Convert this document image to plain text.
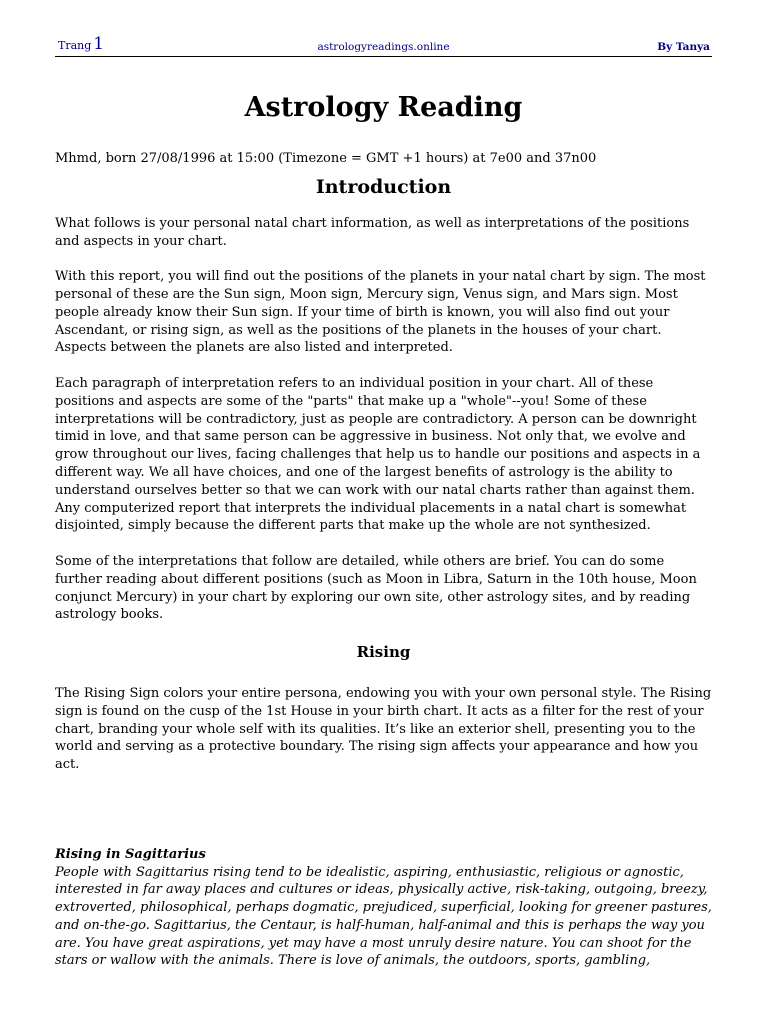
Trang 1	astrologyreadings.online	By Tanya
Astrology Reading

Mhmd, born 27/08/1996 at 15:00 (Timezone = GMT +1 hours) at 7e00 and 37n00

Introduction

What follows is your personal natal chart information, as well as interpretations of the positions and aspects in your chart.

With this report, you will find out the positions of the planets in your natal chart by sign. The most personal of these are the Sun sign, Moon sign, Mercury sign, Venus sign, and Mars sign. Most people already know their Sun sign. If your time of birth is known, you will also find out your Ascendant, or rising sign, as well as the positions of the planets in the houses of your chart. Aspects between the planets are also listed and interpreted.

Each paragraph of interpretation refers to an individual position in your chart. All of these positions and aspects are some of the "parts" that make up a "whole"--you! Some of these interpretations will be contradictory, just as people are contradictory. A person can be downright timid in love, and that same person can be aggressive in business. Not only that, we evolve and grow throughout our lives, facing challenges that help us to handle our positions and aspects in a different way. We all have choices, and one of the largest benefits of astrology is the ability to understand ourselves better so that we can work with our natal charts rather than against them. Any computerized report that interprets the individual placements in a natal chart is somewhat disjointed, simply because the different parts that make up the whole are not synthesized.

Some of the interpretations that follow are detailed, while others are brief. You can do some further reading about different positions (such as Moon in Libra, Saturn in the 10th house, Moon conjunct Mercury) in your chart by exploring our own site, other astrology sites, and by reading astrology books.

Rising

The Rising Sign colors your entire persona, endowing you with your own personal style. The Rising sign is found on the cusp of the 1st House in your birth chart. It acts as a filter for the rest of your chart, branding your whole self with its qualities. It’s like an exterior shell, presenting you to the world and serving as a protective boundary. The rising sign affects your appearance and how you act.

Rising in Sagittarius
People with Sagittarius rising tend to be idealistic, aspiring, enthusiastic, religious or agnostic, interested in far away places and cultures or ideas, physically active, risk-taking, outgoing, breezy, extroverted, philosophical, perhaps dogmatic, prejudiced, superficial, looking for greener pastures, and on-the-go. Sagittarius, the Centaur, is half-human, half-animal and this is perhaps the way you are. You have great aspirations, yet may have a most unruly desire nature. You can shoot for the stars or wallow with the animals. There is love of animals, the outdoors, sports, gambling,
